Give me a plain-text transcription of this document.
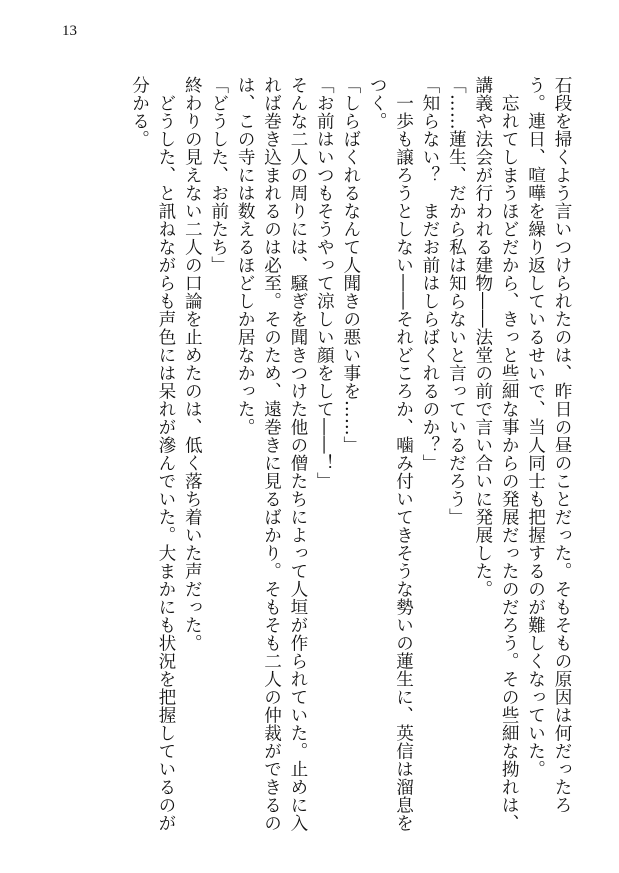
13

石段を掃くよう言いつけられたのは、昨日の昼のことだった。そもそもの原因は何だったろう。連日、喧嘩を繰り返しているせいで、当人同士も把握するのが難しくなっていた。

忘れてしまうほどだから、きっと些細な事からの発展だったのだろう。その些細な拗れは、講義や法会が行われる建物――法堂の前で言い合いに発展した。

「……蓮生、だから私は知らないと言っているだろう」

「知らない？　まだお前はしらばくれるのか？」

一歩も譲ろうとしない――それどころか、噛み付いてきそうな勢いの蓮生に、英信は溜息をつく。

「しらばくれるなんて人聞きの悪い事を……」

「お前はいつもそうやって涼しい顔をして――！」

そんな二人の周りには、騒ぎを聞きつけた他の僧たちによって人垣が作られていた。止めに入れば巻き込まれるのは必至。そのため、遠巻きに見るばかり。そもそも二人の仲裁ができるのは、この寺には数えるほどしか居なかった。

「どうした、お前たち」

終わりの見えない二人の口論を止めたのは、低く落ち着いた声だった。

どうした、と訊ねながらも声色には呆れが滲んでいた。大まかにも状況を把握しているのが分かる。
